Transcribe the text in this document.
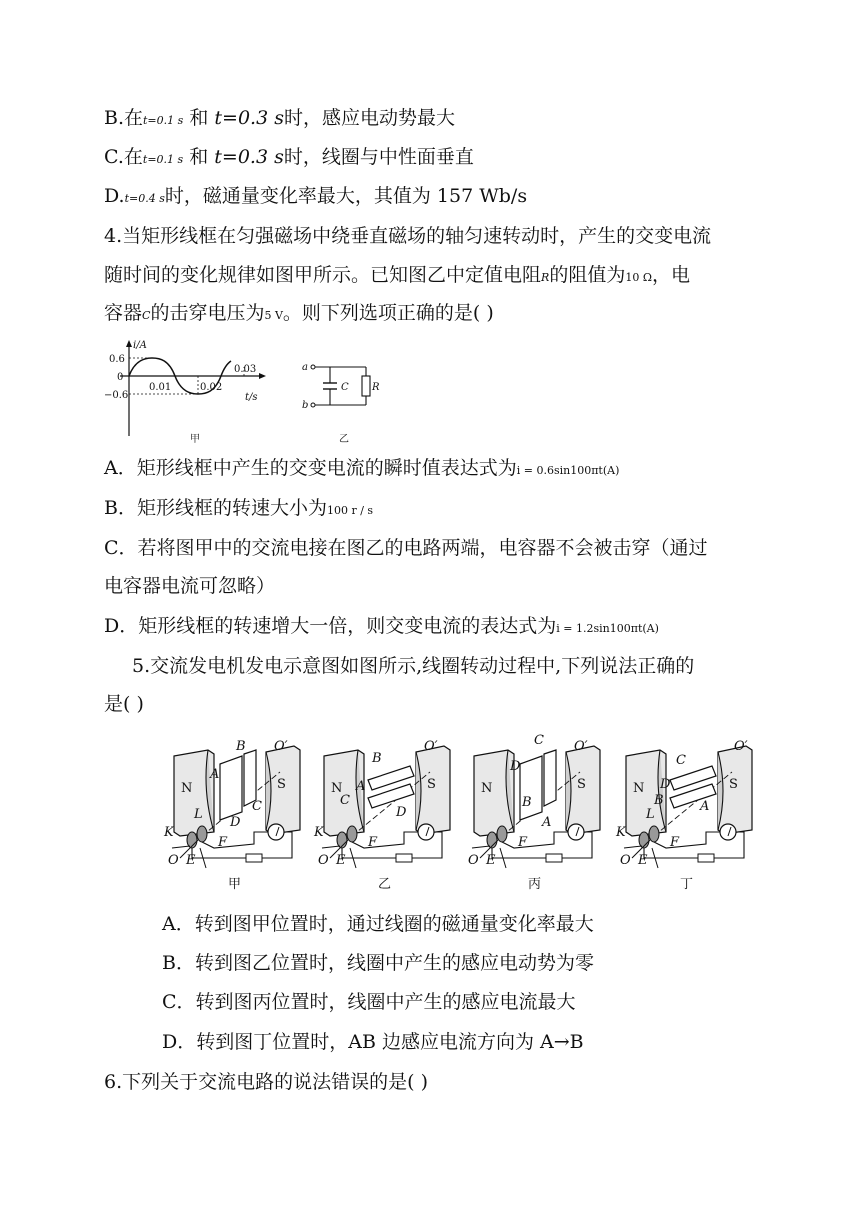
B.在t=0.1 s 和 t=0.3 s时，感应电动势最大
C.在t=0.1 s 和 t=0.3 s时，线圈与中性面垂直
D.t=0.4 s时，磁通量变化率最大，其值为 157 Wb/s
4.当矩形线框在匀强磁场中绕垂直磁场的轴匀速转动时，产生的交变电流
随时间的变化规律如图甲所示。已知图乙中定值电阻R的阻值为10 Ω，电
容器C的击穿电压为5 V。则下列选项正确的是( )
i/A
0.6
0
−0.6
0.01	0.02
0.03
t/s
甲
a
b
C R
乙
A．矩形线框中产生的交变电流的瞬时值表达式为i = 0.6sin100πt(A)
B．矩形线框的转速大小为100 r / s
C．若将图甲中的交流电接在图乙的电路两端，电容器不会被击穿（通过
电容器电流可忽略）
D．矩形线框的转速增大一倍，则交变电流的表达式为i = 1.2sin100πt(A)
5.交流发电机发电示意图如图所示,线圈转动过程中,下列说法正确的
是( )
N	S
O′
B
A
C
D
L
K
F
O E
甲
N	S
O′
B
A
C
D
K
F
O E
乙
N	S
O′
C
D
B
A
F
O E
丙
N	S
O′
C
D
B	A
L
K
F
O E
丁
A．转到图甲位置时，通过线圈的磁通量变化率最大
B．转到图乙位置时，线圈中产生的感应电动势为零
C．转到图丙位置时，线圈中产生的感应电流最大
D．转到图丁位置时，AB 边感应电流方向为 A→B
6.下列关于交流电路的说法错误的是( )
